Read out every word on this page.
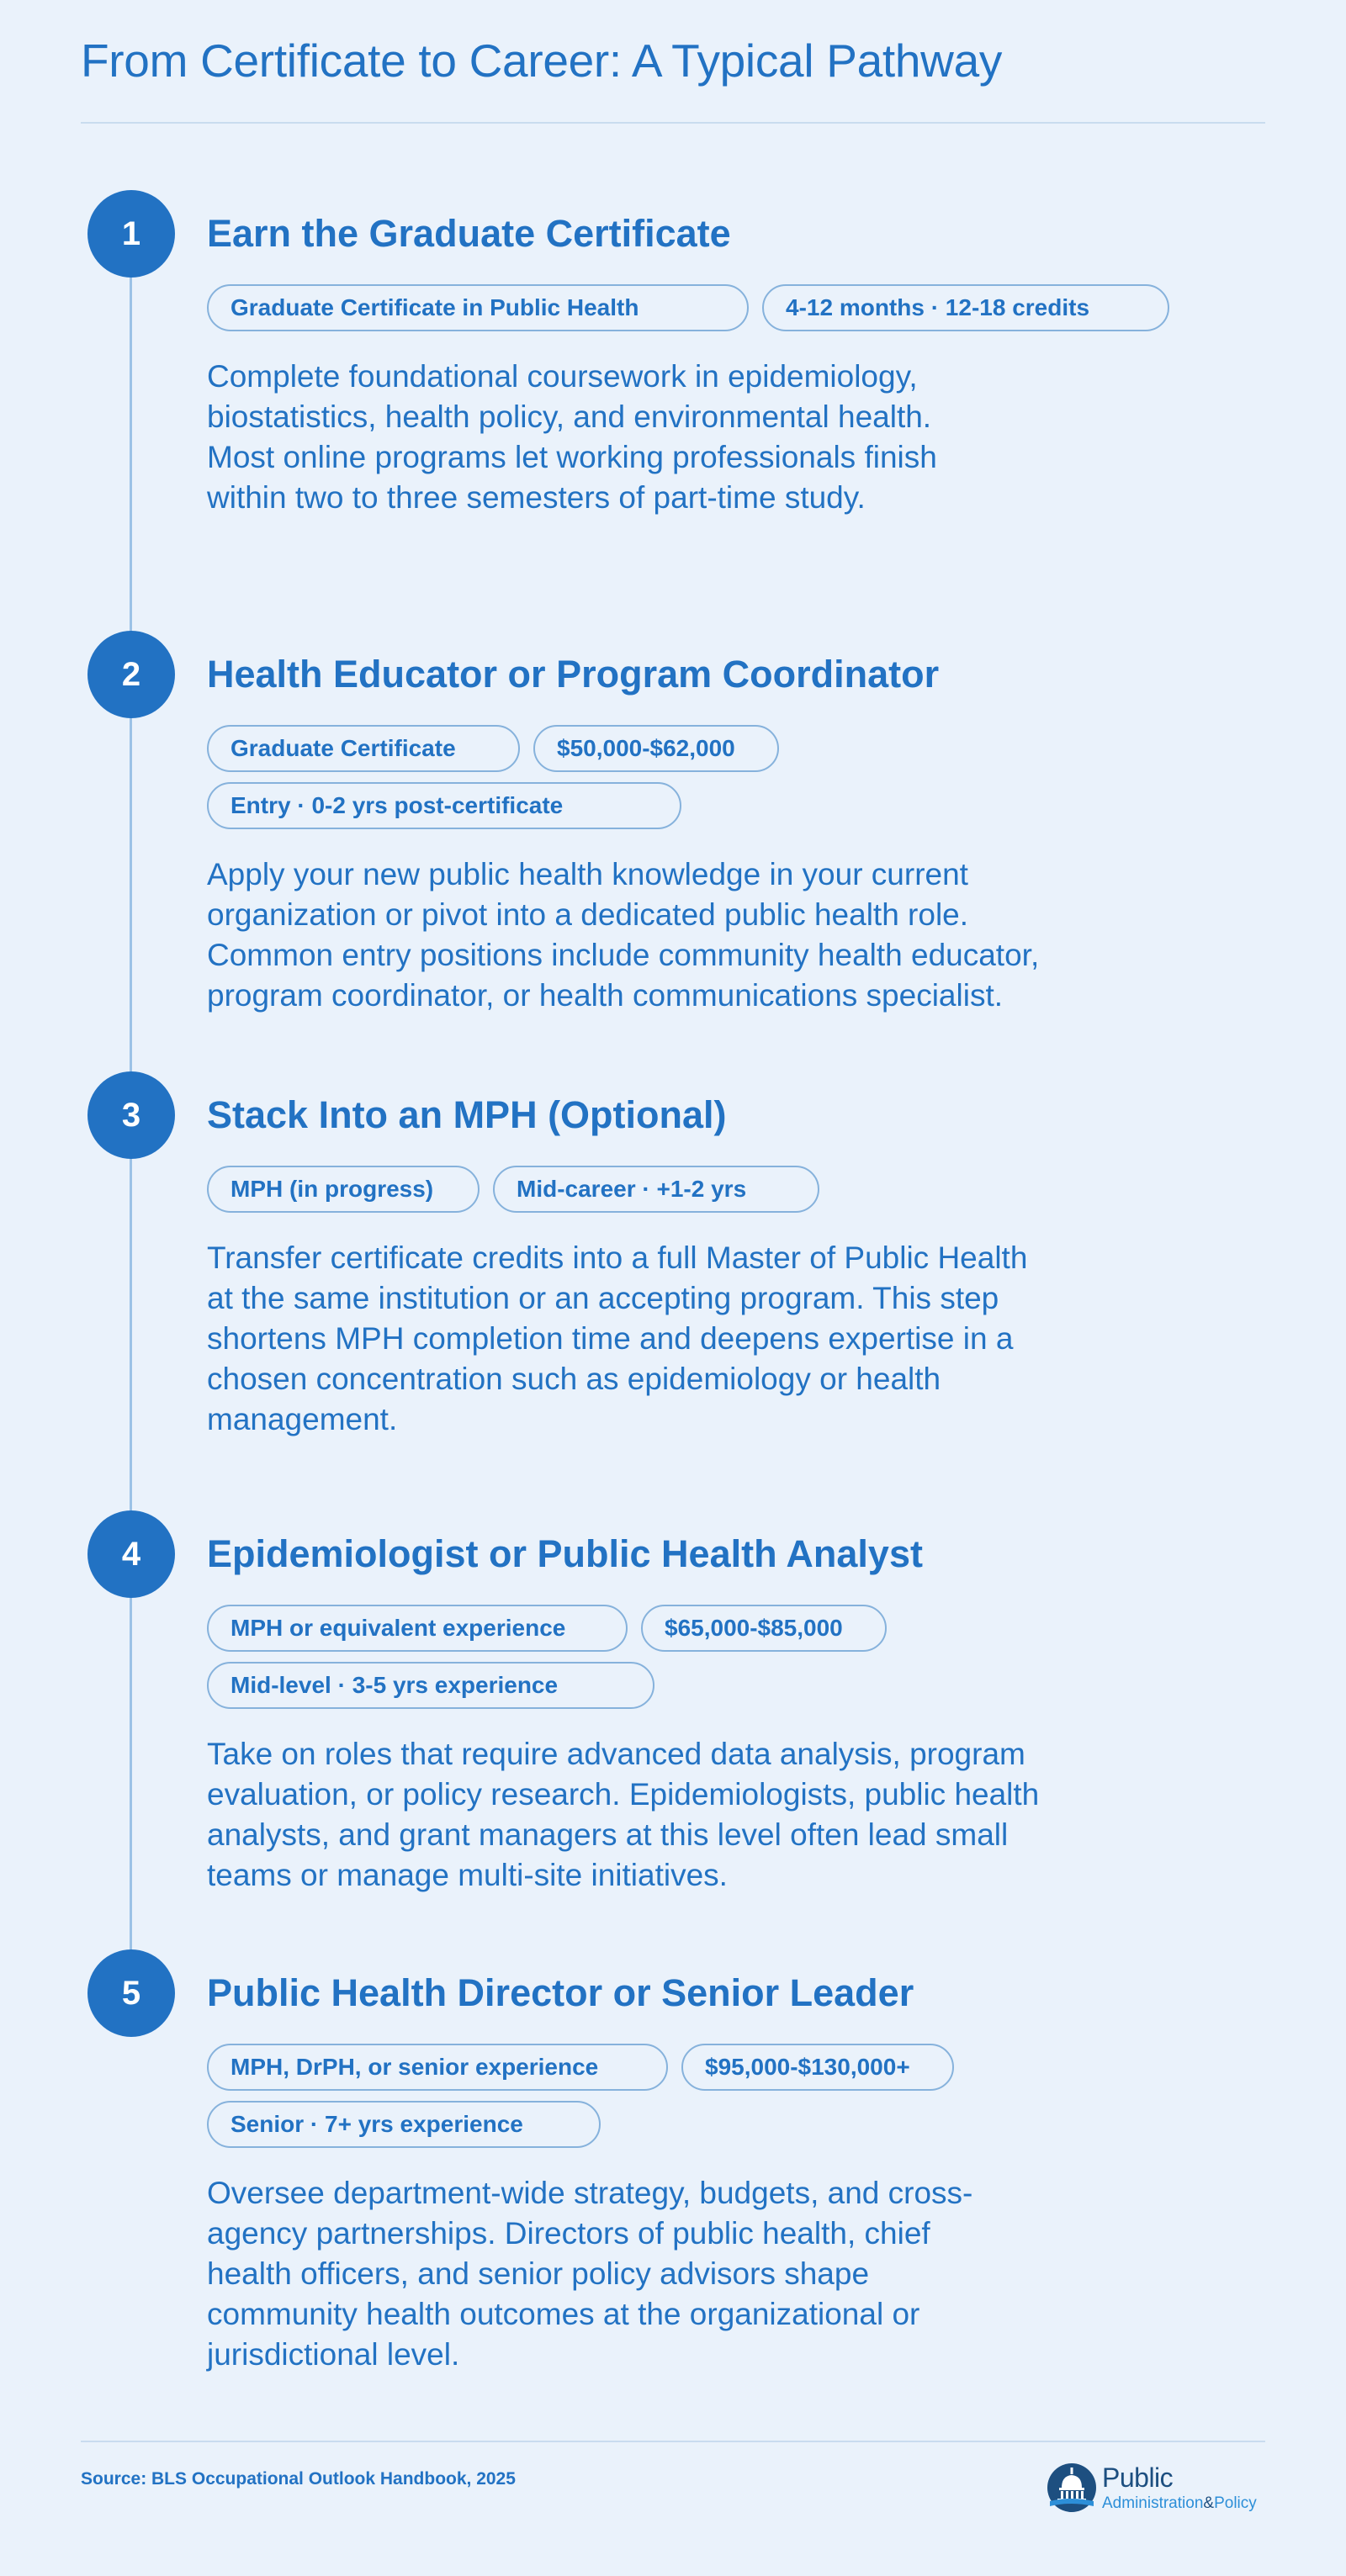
From Certificate to Career: A Typical Pathway
1	Earn the Graduate Certificate
Graduate Certificate in Public Health	4-12 months · 12-18 credits
Complete foundational coursework in epidemiology, biostatistics, health policy, and environmental health. Most online programs let working professionals finish within two to three semesters of part-time study.
2	Health Educator or Program Coordinator
Graduate Certificate	$50,000-$62,000
Entry · 0-2 yrs post-certificate
Apply your new public health knowledge in your current organization or pivot into a dedicated public health role. Common entry positions include community health educator, program coordinator, or health communications specialist.
3	Stack Into an MPH (Optional)
MPH (in progress)	Mid-career · +1-2 yrs
Transfer certificate credits into a full Master of Public Health at the same institution or an accepting program. This step shortens MPH completion time and deepens expertise in a chosen concentration such as epidemiology or health management.
4	Epidemiologist or Public Health Analyst
MPH or equivalent experience	$65,000-$85,000
Mid-level · 3-5 yrs experience
Take on roles that require advanced data analysis, program evaluation, or policy research. Epidemiologists, public health analysts, and grant managers at this level often lead small teams or manage multi-site initiatives.
5	Public Health Director or Senior Leader
MPH, DrPH, or senior experience	$95,000-$130,000+
Senior · 7+ yrs experience
Oversee department-wide strategy, budgets, and cross-agency partnerships. Directors of public health, chief health officers, and senior policy advisors shape community health outcomes at the organizational or jurisdictional level.
Source: BLS Occupational Outlook Handbook, 2025	Public
Administration&Policy
